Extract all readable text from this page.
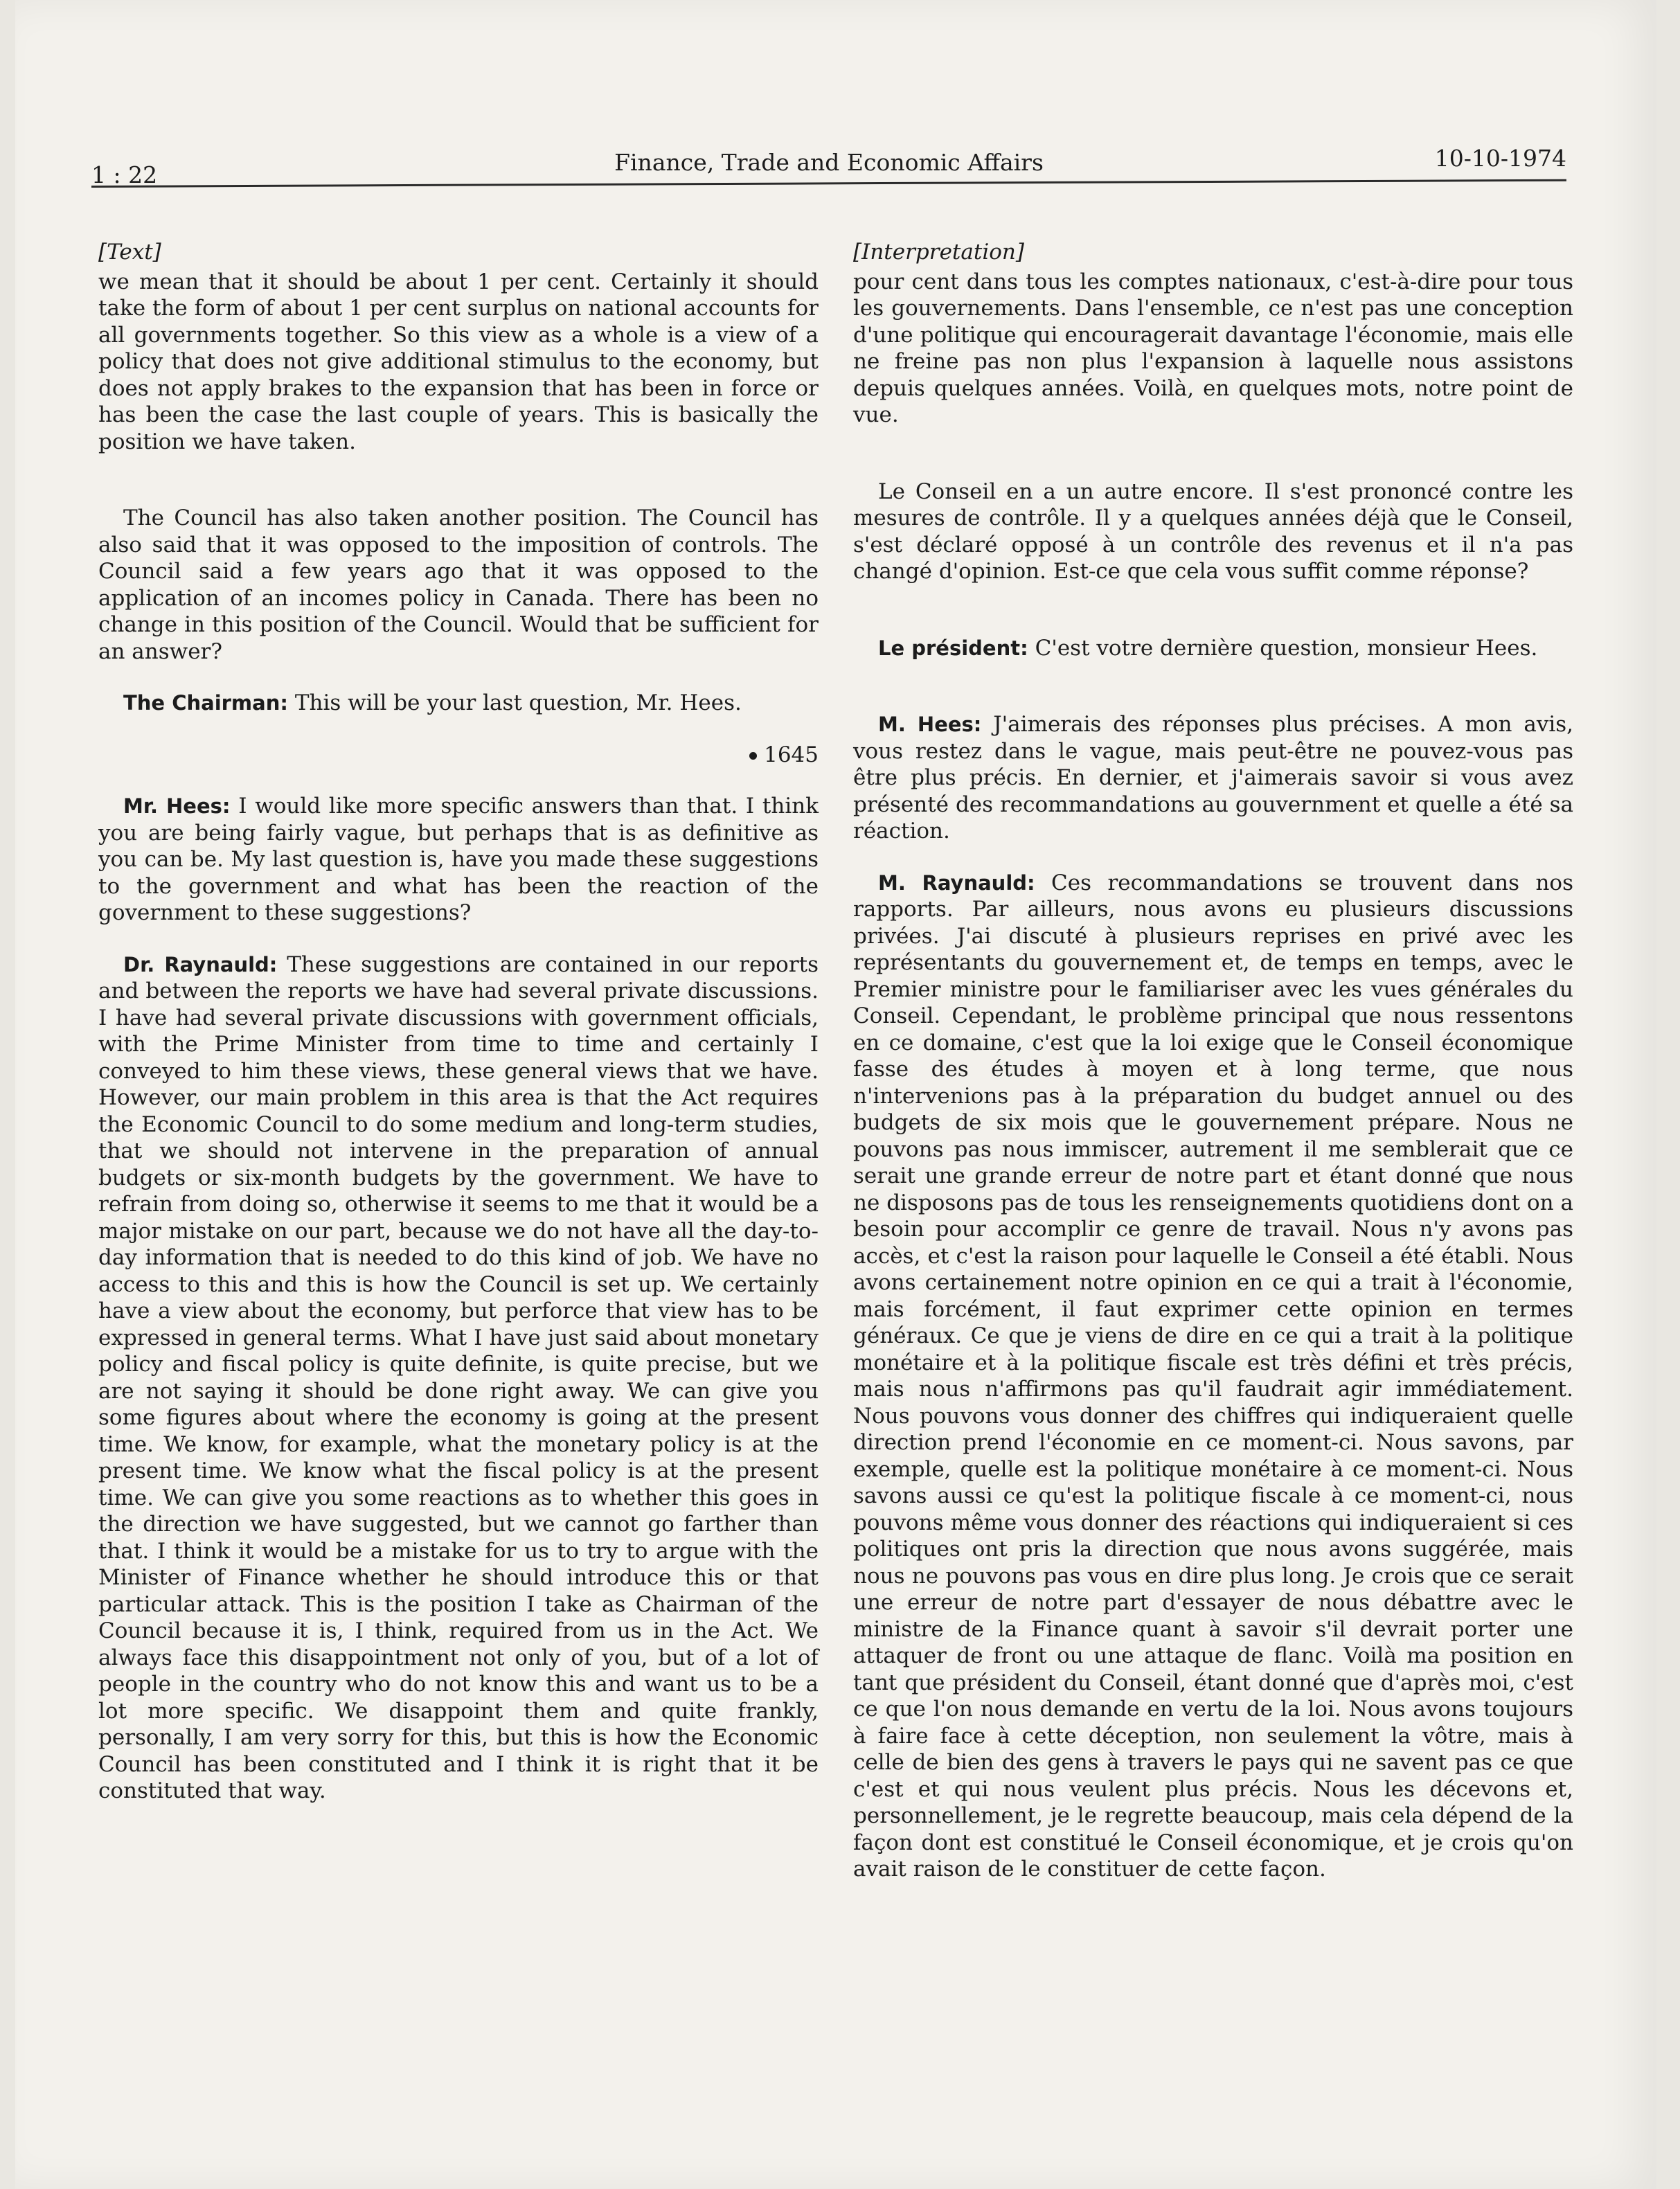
1 : 22	Finance, Trade and Economic Affairs	10-10-1974
[Text]

we mean that it should be about 1 per cent. Certainly it should take the form of about 1 per cent surplus on national accounts for all governments together. So this view as a whole is a view of a policy that does not give additional stimulus to the economy, but does not apply brakes to the expansion that has been in force or has been the case the last couple of years. This is basically the position we have taken.

The Council has also taken another position. The Council has also said that it was opposed to the imposition of controls. The Council said a few years ago that it was opposed to the application of an incomes policy in Canada. There has been no change in this position of the Council. Would that be sufficient for an answer?

The Chairman: This will be your last question, Mr. Hees.

1645

Mr. Hees: I would like more specific answers than that. I think you are being fairly vague, but perhaps that is as definitive as you can be. My last question is, have you made these suggestions to the government and what has been the reaction of the government to these suggestions?

Dr. Raynauld: These suggestions are contained in our reports and between the reports we have had several private discussions. I have had several private discussions with government officials, with the Prime Minister from time to time and certainly I conveyed to him these views, these general views that we have. However, our main problem in this area is that the Act requires the Economic Council to do some medium and long-term studies, that we should not intervene in the preparation of annual budgets or six-month budgets by the government. We have to refrain from doing so, otherwise it seems to me that it would be a major mistake on our part, because we do not have all the day-to-day information that is needed to do this kind of job. We have no access to this and this is how the Council is set up. We certainly have a view about the economy, but perforce that view has to be expressed in general terms. What I have just said about monetary policy and fiscal policy is quite definite, is quite precise, but we are not saying it should be done right away. We can give you some figures about where the economy is going at the present time. We know, for example, what the monetary policy is at the present time. We know what the fiscal policy is at the present time. We can give you some reactions as to whether this goes in the direction we have suggested, but we cannot go farther than that. I think it would be a mistake for us to try to argue with the Minister of Finance whether he should introduce this or that particular attack. This is the position I take as Chairman of the Council because it is, I think, required from us in the Act. We always face this disappointment not only of you, but of a lot of people in the country who do not know this and want us to be a lot more specific. We disappoint them and quite frankly, personally, I am very sorry for this, but this is how the Economic Council has been constituted and I think it is right that it be constituted that way.

[Interpretation]

pour cent dans tous les comptes nationaux, c'est-à-dire pour tous les gouvernements. Dans l'ensemble, ce n'est pas une conception d'une politique qui encouragerait davantage l'économie, mais elle ne freine pas non plus l'expansion à laquelle nous assistons depuis quelques années. Voilà, en quelques mots, notre point de vue.

Le Conseil en a un autre encore. Il s'est prononcé contre les mesures de contrôle. Il y a quelques années déjà que le Conseil, s'est déclaré opposé à un contrôle des revenus et il n'a pas changé d'opinion. Est-ce que cela vous suffit comme réponse?

Le président: C'est votre dernière question, monsieur Hees.

M. Hees: J'aimerais des réponses plus précises. A mon avis, vous restez dans le vague, mais peut-être ne pouvez-vous pas être plus précis. En dernier, et j'aimerais savoir si vous avez présenté des recommandations au gouvernment et quelle a été sa réaction.

M. Raynauld: Ces recommandations se trouvent dans nos rapports. Par ailleurs, nous avons eu plusieurs discussions privées. J'ai discuté à plusieurs reprises en privé avec les représentants du gouvernement et, de temps en temps, avec le Premier ministre pour le familiariser avec les vues générales du Conseil. Cependant, le problème principal que nous ressentons en ce domaine, c'est que la loi exige que le Conseil économique fasse des études à moyen et à long terme, que nous n'intervenions pas à la préparation du budget annuel ou des budgets de six mois que le gouvernement prépare. Nous ne pouvons pas nous immiscer, autrement il me semblerait que ce serait une grande erreur de notre part et étant donné que nous ne disposons pas de tous les renseignements quotidiens dont on a besoin pour accomplir ce genre de travail. Nous n'y avons pas accès, et c'est la raison pour laquelle le Conseil a été établi. Nous avons certainement notre opinion en ce qui a trait à l'économie, mais forcément, il faut exprimer cette opinion en termes généraux. Ce que je viens de dire en ce qui a trait à la politique monétaire et à la politique fiscale est très défini et très précis, mais nous n'affirmons pas qu'il faudrait agir immédiatement. Nous pouvons vous donner des chiffres qui indiqueraient quelle direction prend l'économie en ce moment-ci. Nous savons, par exemple, quelle est la politique monétaire à ce moment-ci. Nous savons aussi ce qu'est la politique fiscale à ce moment-ci, nous pouvons même vous donner des réactions qui indiqueraient si ces politiques ont pris la direction que nous avons suggérée, mais nous ne pouvons pas vous en dire plus long. Je crois que ce serait une erreur de notre part d'essayer de nous débattre avec le ministre de la Finance quant à savoir s'il devrait porter une attaquer de front ou une attaque de flanc. Voilà ma position en tant que président du Conseil, étant donné que d'après moi, c'est ce que l'on nous demande en vertu de la loi. Nous avons toujours à faire face à cette déception, non seulement la vôtre, mais à celle de bien des gens à travers le pays qui ne savent pas ce que c'est et qui nous veulent plus précis. Nous les décevons et, personnellement, je le regrette beaucoup, mais cela dépend de la façon dont est constitué le Conseil économique, et je crois qu'on avait raison de le constituer de cette façon.
